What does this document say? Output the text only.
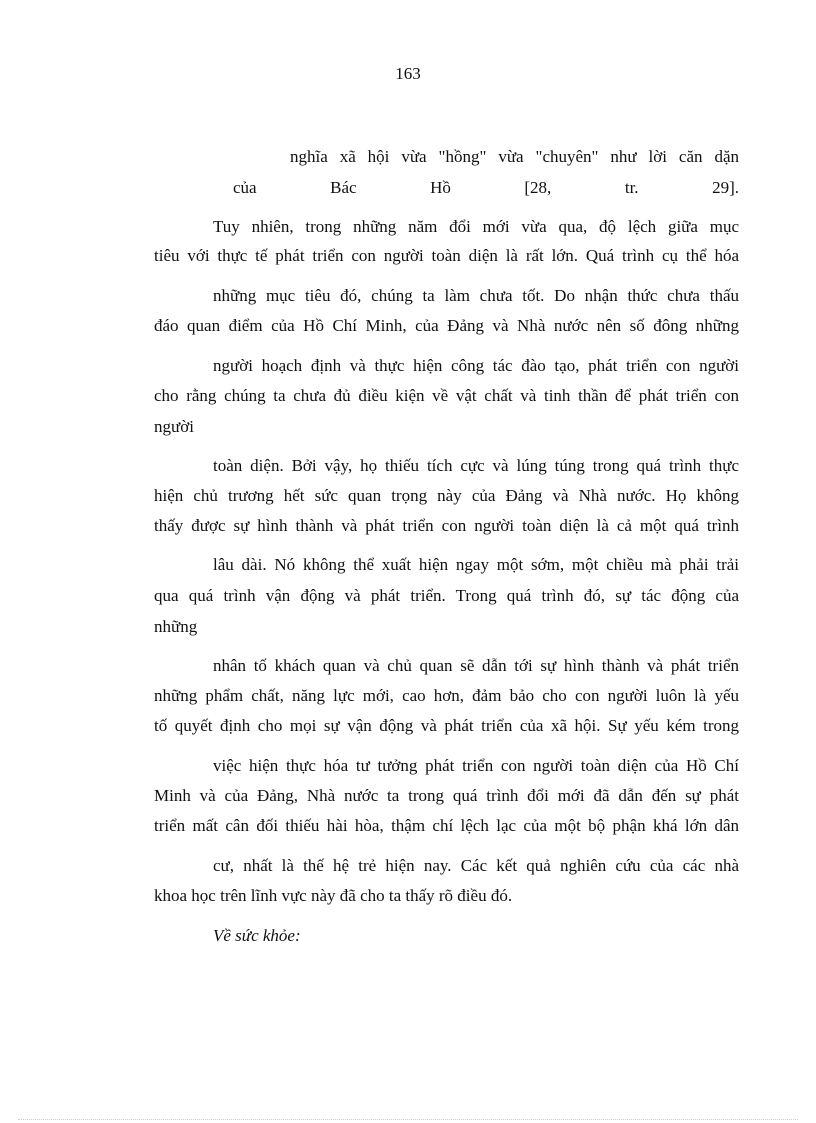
163
nghĩa xã hội vừa "hồng" vừa "chuyên" như lời căn dặn
của Bác Hồ [28, tr. 29].
Tuy nhiên, trong những năm đổi mới vừa qua, độ lệch giữa mục
tiêu với thực tế phát triển con người toàn diện là rất lớn. Quá trình cụ thể hóa
những mục tiêu đó, chúng ta làm chưa tốt. Do nhận thức chưa thấu
đáo quan điểm của Hồ Chí Minh, của Đảng và Nhà nước nên số đông những
người hoạch định và thực hiện công tác đào tạo, phát triển con người
cho rằng chúng ta chưa đủ điều kiện về vật chất và tinh thần để phát triển con
người
toàn diện. Bởi vậy, họ thiếu tích cực và lúng túng trong quá trình thực
hiện chủ trương hết sức quan trọng này của Đảng và Nhà nước. Họ không
thấy được sự hình thành và phát triển con người toàn diện là cả một quá trình
lâu dài. Nó không thể xuất hiện ngay một sớm, một chiều mà phải trải
qua quá trình vận động và phát triển. Trong quá trình đó, sự tác động của
những
nhân tố khách quan và chủ quan sẽ dẫn tới sự hình thành và phát triển
những phẩm chất, năng lực mới, cao hơn, đảm bảo cho con người luôn là yếu
tố quyết định cho mọi sự vận động và phát triển của xã hội. Sự yếu kém trong
việc hiện thực hóa tư tưởng phát triển con người toàn diện của Hồ Chí
Minh và của Đảng, Nhà nước ta trong quá trình đổi mới đã dẫn đến sự phát
triển mất cân đối thiếu hài hòa, thậm chí lệch lạc của một bộ phận khá lớn dân
cư, nhất là thế hệ trẻ hiện nay. Các kết quả nghiên cứu của các nhà
khoa học trên lĩnh vực này đã cho ta thấy rõ điều đó.
Về sức khỏe:
